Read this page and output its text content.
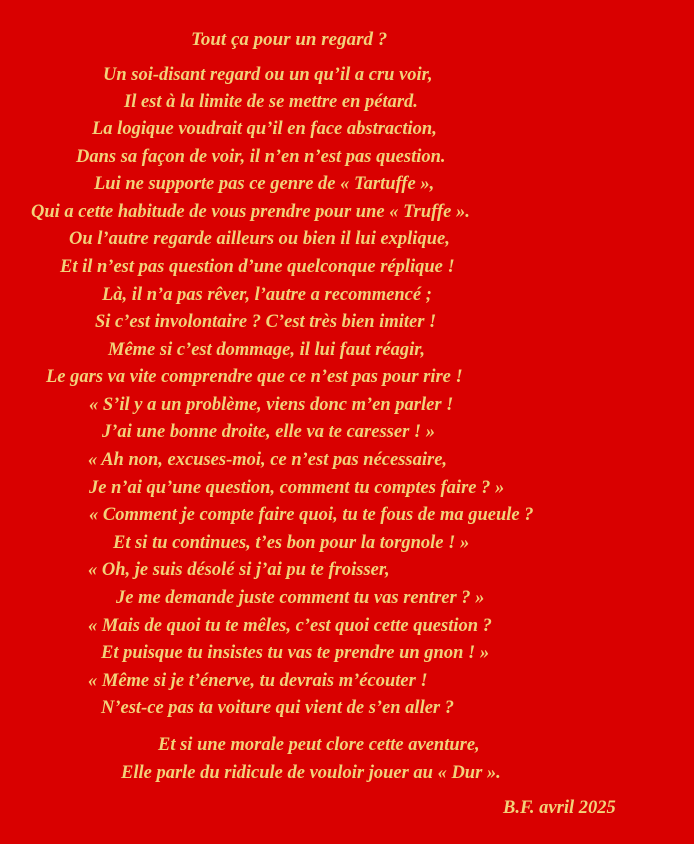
Tout ça pour un regard ?
Un soi-disant regard ou un qu’il a cru voir,
Il est à la limite de se mettre en pétard.
La logique voudrait qu’il en face abstraction,
Dans sa façon de voir, il n’en n’est pas question.
Lui ne supporte pas ce genre de « Tartuffe »,
Qui a cette habitude de vous prendre pour une « Truffe ».
Ou l’autre regarde ailleurs ou bien il lui explique,
Et il n’est pas question d’une quelconque réplique !
Là, il n’a pas rêver, l’autre a recommencé ;
Si c’est involontaire ? C’est très bien imiter !
Même si c’est dommage, il lui faut réagir,
Le gars va vite comprendre que ce n’est pas pour rire !
« S’il y a un problème, viens donc m’en parler !
J’ai une bonne droite, elle va te caresser ! »
« Ah non, excuses-moi, ce n’est pas nécessaire,
Je n’ai qu’une question, comment tu comptes faire ? »
« Comment je compte faire quoi, tu te fous de ma gueule ?
Et si tu continues, t’es bon pour la torgnole ! »
« Oh, je suis désolé si j’ai pu te froisser,
Je me demande juste comment tu vas rentrer ? »
« Mais de quoi tu te mêles, c’est quoi cette question ?
Et puisque tu insistes tu vas te prendre un gnon ! »
« Même si je t’énerve, tu devrais m’écouter !
N’est-ce pas ta voiture qui vient de s’en aller ?
Et si une morale peut clore cette aventure,
Elle parle du ridicule de vouloir jouer au « Dur ».
B.F. avril 2025
